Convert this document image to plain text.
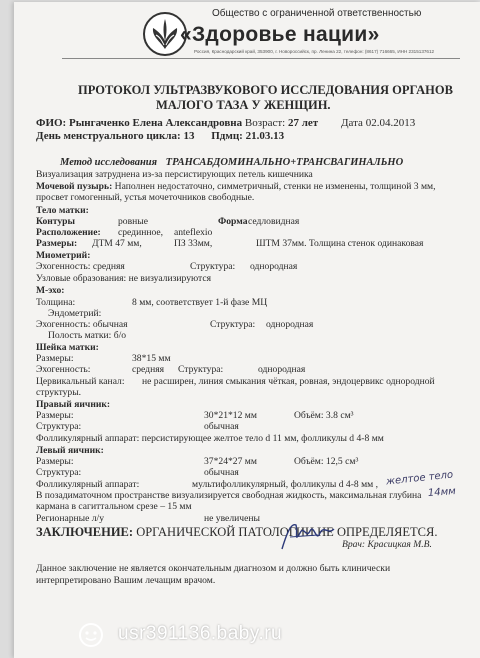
Общество с ограниченной ответственностью
«Здоровье нации»
Россия, Краснодарский край, 353900, г. Новороссийск, пр. Ленина 22, телефон: (8617) 716665, ИНН 2315137612
ПРОТОКОЛ УЛЬТРАЗВУКОВОГО ИССЛЕДОВАНИЯ ОРГАНОВ
МАЛОГО ТАЗА У ЖЕНЩИН.
ФИО: Рынгаченко Елена Александровна Возраст: 27 лет Дата 02.04.2013
День менструального цикла: 13 Пдмц: 21.03.13
Метод исследования ТРАНСАБДОМИНАЛЬНО+ТРАНСВАГИНАЛЬНО
Визуализация затруднена из-за персистирующих петель кишечника
Мочевой пузырь: Наполнен недостаточно, симметричный, стенки не изменены, толщиной 3 мм,
просвет гомогенный, устья мочеточников свободные.
Тело матки:
Контуры	ровные	Форма седловидная
Расположение: срединное, anteflexio
Размеры: ДТМ 47 мм,	ПЗ 33мм,	ШТМ 37мм. Толщина стенок одинаковая
Миометрий:
Эхогенность: средняя	Структура: однородная
Узловые образования: не визуализируются
М-эхо:
Толщина:	8 мм, соответствует 1-й фазе МЦ
Эндометрий:
Эхогенность: обычная	Структура: однородная
Полость матки: б/о
Шейка матки:
Размеры:	38*15 мм
Эхогенность:	средняя Структура:	однородная
Цервикальный канал: не расширен, линия смыкания чёткая, ровная, эндоцервикс однородной
структуры.
Правый яичник:
Размеры:	30*21*12 мм	Объём: 3.8 см³
Структура:	обычная
Фолликулярный аппарат: персистирующее желтое тело d 11 мм, фолликулы d 4-8 мм
Левый яичник:
Размеры:	37*24*27 мм	Объём: 12,5 см³
Структура:	обычная
Фолликулярный аппарат:	мультифолликулярный, фолликулы d 4-8 мм , желтое тело
14мм
В позадиматочном пространстве визуализируется свободная жидкость, максимальная глубина
кармана в сагиттальном срезе – 15 мм
Регионарные л/у	не увеличены
ЗАКЛЮЧЕНИЕ: ОРГАНИЧЕСКОЙ ПАТОЛОГИИ НЕ ОПРЕДЕЛЯЕТСЯ.
Врач: Красицкая М.В.
Данное заключение не является окончательным диагнозом и должно быть клинически
интерпретировано Вашим лечащим врачом.
usr391136.baby.ru
